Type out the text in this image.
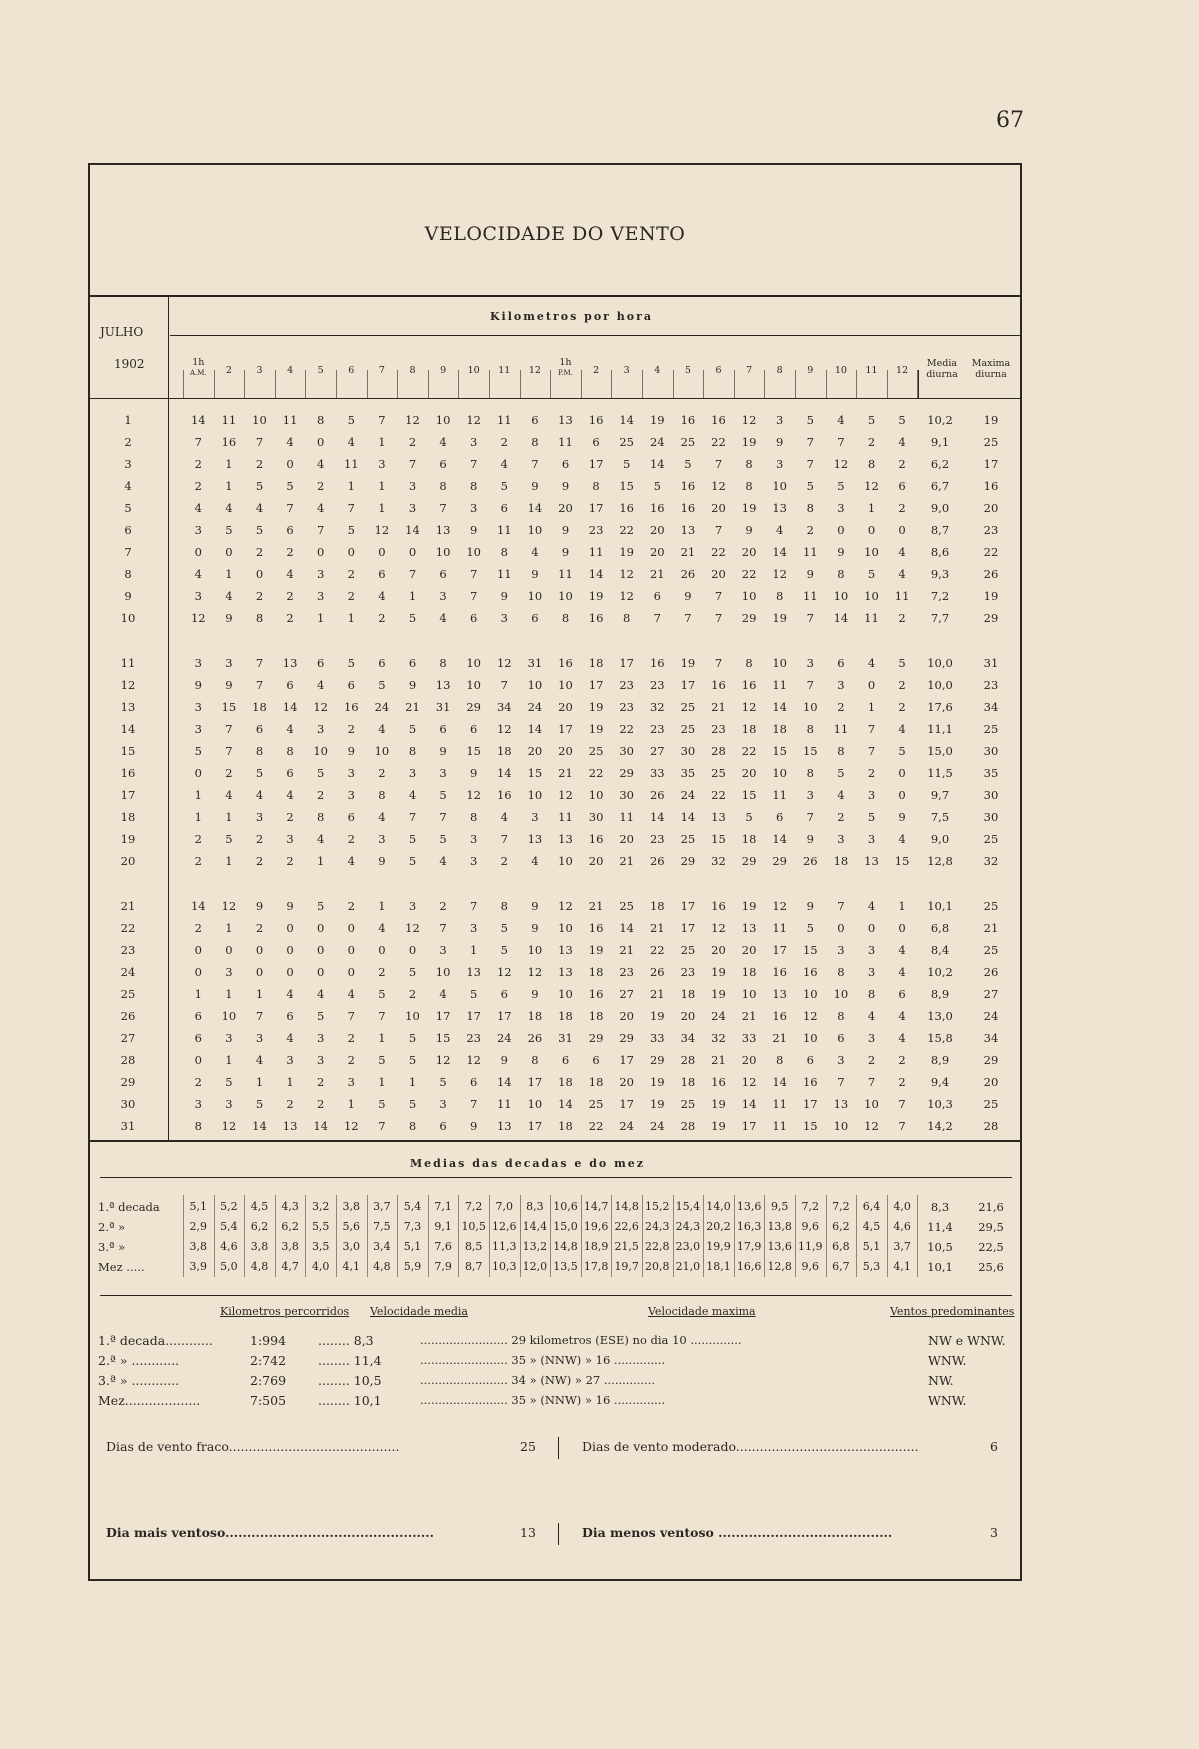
67
VELOCIDADE DO VENTO
JULHO
1902
Kilometros por hora
1h
A.M.	2	3	4	5	6	7	8	9	10	11	12
1h
P.M.	2	3	4	5	6	7	8	9	10	11	12
Media diurna
Maxima diurna
1	14	11	10	11	8	5	7	12	10	12	11	6	13	16	14	19	16	16	12	3	5	4	5	5	10,2	19
2	7	16	7	4	0	4	1	2	4	3	2	8	11	6	25	24	25	22	19	9	7	7	2	4	9,1	25
3	2	1	2	0	4	11	3	7	6	7	4	7	6	17	5	14	5	7	8	3	7	12	8	2	6,2	17
4	2	1	5	5	2	1	1	3	8	8	5	9	9	8	15	5	16	12	8	10	5	5	12	6	6,7	16
5	4	4	4	7	4	7	1	3	7	3	6	14	20	17	16	16	16	20	19	13	8	3	1	2	9,0	20
6	3	5	5	6	7	5	12	14	13	9	11	10	9	23	22	20	13	7	9	4	2	0	0	0	8,7	23
7	0	0	2	2	0	0	0	0	10	10	8	4	9	11	19	20	21	22	20	14	11	9	10	4	8,6	22
8	4	1	0	4	3	2	6	7	6	7	11	9	11	14	12	21	26	20	22	12	9	8	5	4	9,3	26
9	3	4	2	2	3	2	4	1	3	7	9	10	10	19	12	6	9	7	10	8	11	10	10	11	7,2	19
10	12	9	8	2	1	1	2	5	4	6	3	6	8	16	8	7	7	7	29	19	7	14	11	2	7,7	29
11	3	3	7	13	6	5	6	6	8	10	12	31	16	18	17	16	19	7	8	10	3	6	4	5	10,0	31
12	9	9	7	6	4	6	5	9	13	10	7	10	10	17	23	23	17	16	16	11	7	3	0	2	10,0	23
13	3	15	18	14	12	16	24	21	31	29	34	24	20	19	23	32	25	21	12	14	10	2	1	2	17,6	34
14	3	7	6	4	3	2	4	5	6	6	12	14	17	19	22	23	25	23	18	18	8	11	7	4	11,1	25
15	5	7	8	8	10	9	10	8	9	15	18	20	20	25	30	27	30	28	22	15	15	8	7	5	15,0	30
16	0	2	5	6	5	3	2	3	3	9	14	15	21	22	29	33	35	25	20	10	8	5	2	0	11,5	35
17	1	4	4	4	2	3	8	4	5	12	16	10	12	10	30	26	24	22	15	11	3	4	3	0	9,7	30
18	1	1	3	2	8	6	4	7	7	8	4	3	11	30	11	14	14	13	5	6	7	2	5	9	7,5	30
19	2	5	2	3	4	2	3	5	5	3	7	13	13	16	20	23	25	15	18	14	9	3	3	4	9,0	25
20	2	1	2	2	1	4	9	5	4	3	2	4	10	20	21	26	29	32	29	29	26	18	13	15	12,8	32
21	14	12	9	9	5	2	1	3	2	7	8	9	12	21	25	18	17	16	19	12	9	7	4	1	10,1	25
22	2	1	2	0	0	0	4	12	7	3	5	9	10	16	14	21	17	12	13	11	5	0	0	0	6,8	21
23	0	0	0	0	0	0	0	0	3	1	5	10	13	19	21	22	25	20	20	17	15	3	3	4	8,4	25
24	0	3	0	0	0	0	2	5	10	13	12	12	13	18	23	26	23	19	18	16	16	8	3	4	10,2	26
25	1	1	1	4	4	4	5	2	4	5	6	9	10	16	27	21	18	19	10	13	10	10	8	6	8,9	27
26	6	10	7	6	5	7	7	10	17	17	17	18	18	18	20	19	20	24	21	16	12	8	4	4	13,0	24
27	6	3	3	4	3	2	1	5	15	23	24	26	31	29	29	33	34	32	33	21	10	6	3	4	15,8	34
28	0	1	4	3	3	2	5	5	12	12	9	8	6	6	17	29	28	21	20	8	6	3	2	2	8,9	29
29	2	5	1	1	2	3	1	1	5	6	14	17	18	18	20	19	18	16	12	14	16	7	7	2	9,4	20
30	3	3	5	2	2	1	5	5	3	7	11	10	14	25	17	19	25	19	14	11	17	13	10	7	10,3	25
31	8	12	14	13	14	12	7	8	6	9	13	17	18	22	24	24	28	19	17	11	15	10	12	7	14,2	28
Medias das decadas e do mez
1.ª decada	5,1	5,2	4,5	4,3	3,2	3,8	3,7	5,4	7,1	7,2	7,0	8,3 10,6 14,7 14,8 15,2 15,4 14,0 13,6 9,5	7,2	7,2	6,4	4,0	8,3	21,6
2.ª »	2,9	5,4	6,2	6,2	5,5	5,6	7,5	7,3	9,1 10,5 12,6 14,4 15,0 19,6 22,6 24,3 24,3 20,2 16,3 13,8 9,6	6,2	4,5	4,6	11,4	29,5
3.ª »	3,8	4,6	3,8	3,8	3,5	3,0	3,4	5,1	7,6	8,5 11,3 13,2 14,8 18,9 21,5 22,8 23,0 19,9 17,9 13,6 11,9 6,8	5,1	3,7	10,5	22,5
Mez .....	3,9	5,0	4,8	4,7	4,0	4,1	4,8	5,9	7,9	8,7 10,3 12,0 13,5 17,8 19,7 20,8 21,0 18,1 16,6 12,8 9,6	6,7	5,3	4,1	10,1	25,6
Kilometros percorridos Velocidade media	Velocidade maxima	Ventos predominantes
1.ª decada............	1:994	........ 8,3	........................ 29 kilometros (ESE) no dia 10 ..............	NW e WNW.
2.ª » ............	2:742	........ 11,4	........................ 35 » (NNW) » 16 ..............	WNW.
3.ª » ............	2:769	........ 10,5	........................ 34 » (NW) » 27 ..............	NW.
Mez...................	7:505	........ 10,1	........................ 35 » (NNW) » 16 ..............	WNW.
Dias de vento fraco...........................................	25	Dias de vento moderado..............................................	6
Dia mais ventoso................................................	13	Dia menos ventoso ........................................	3
